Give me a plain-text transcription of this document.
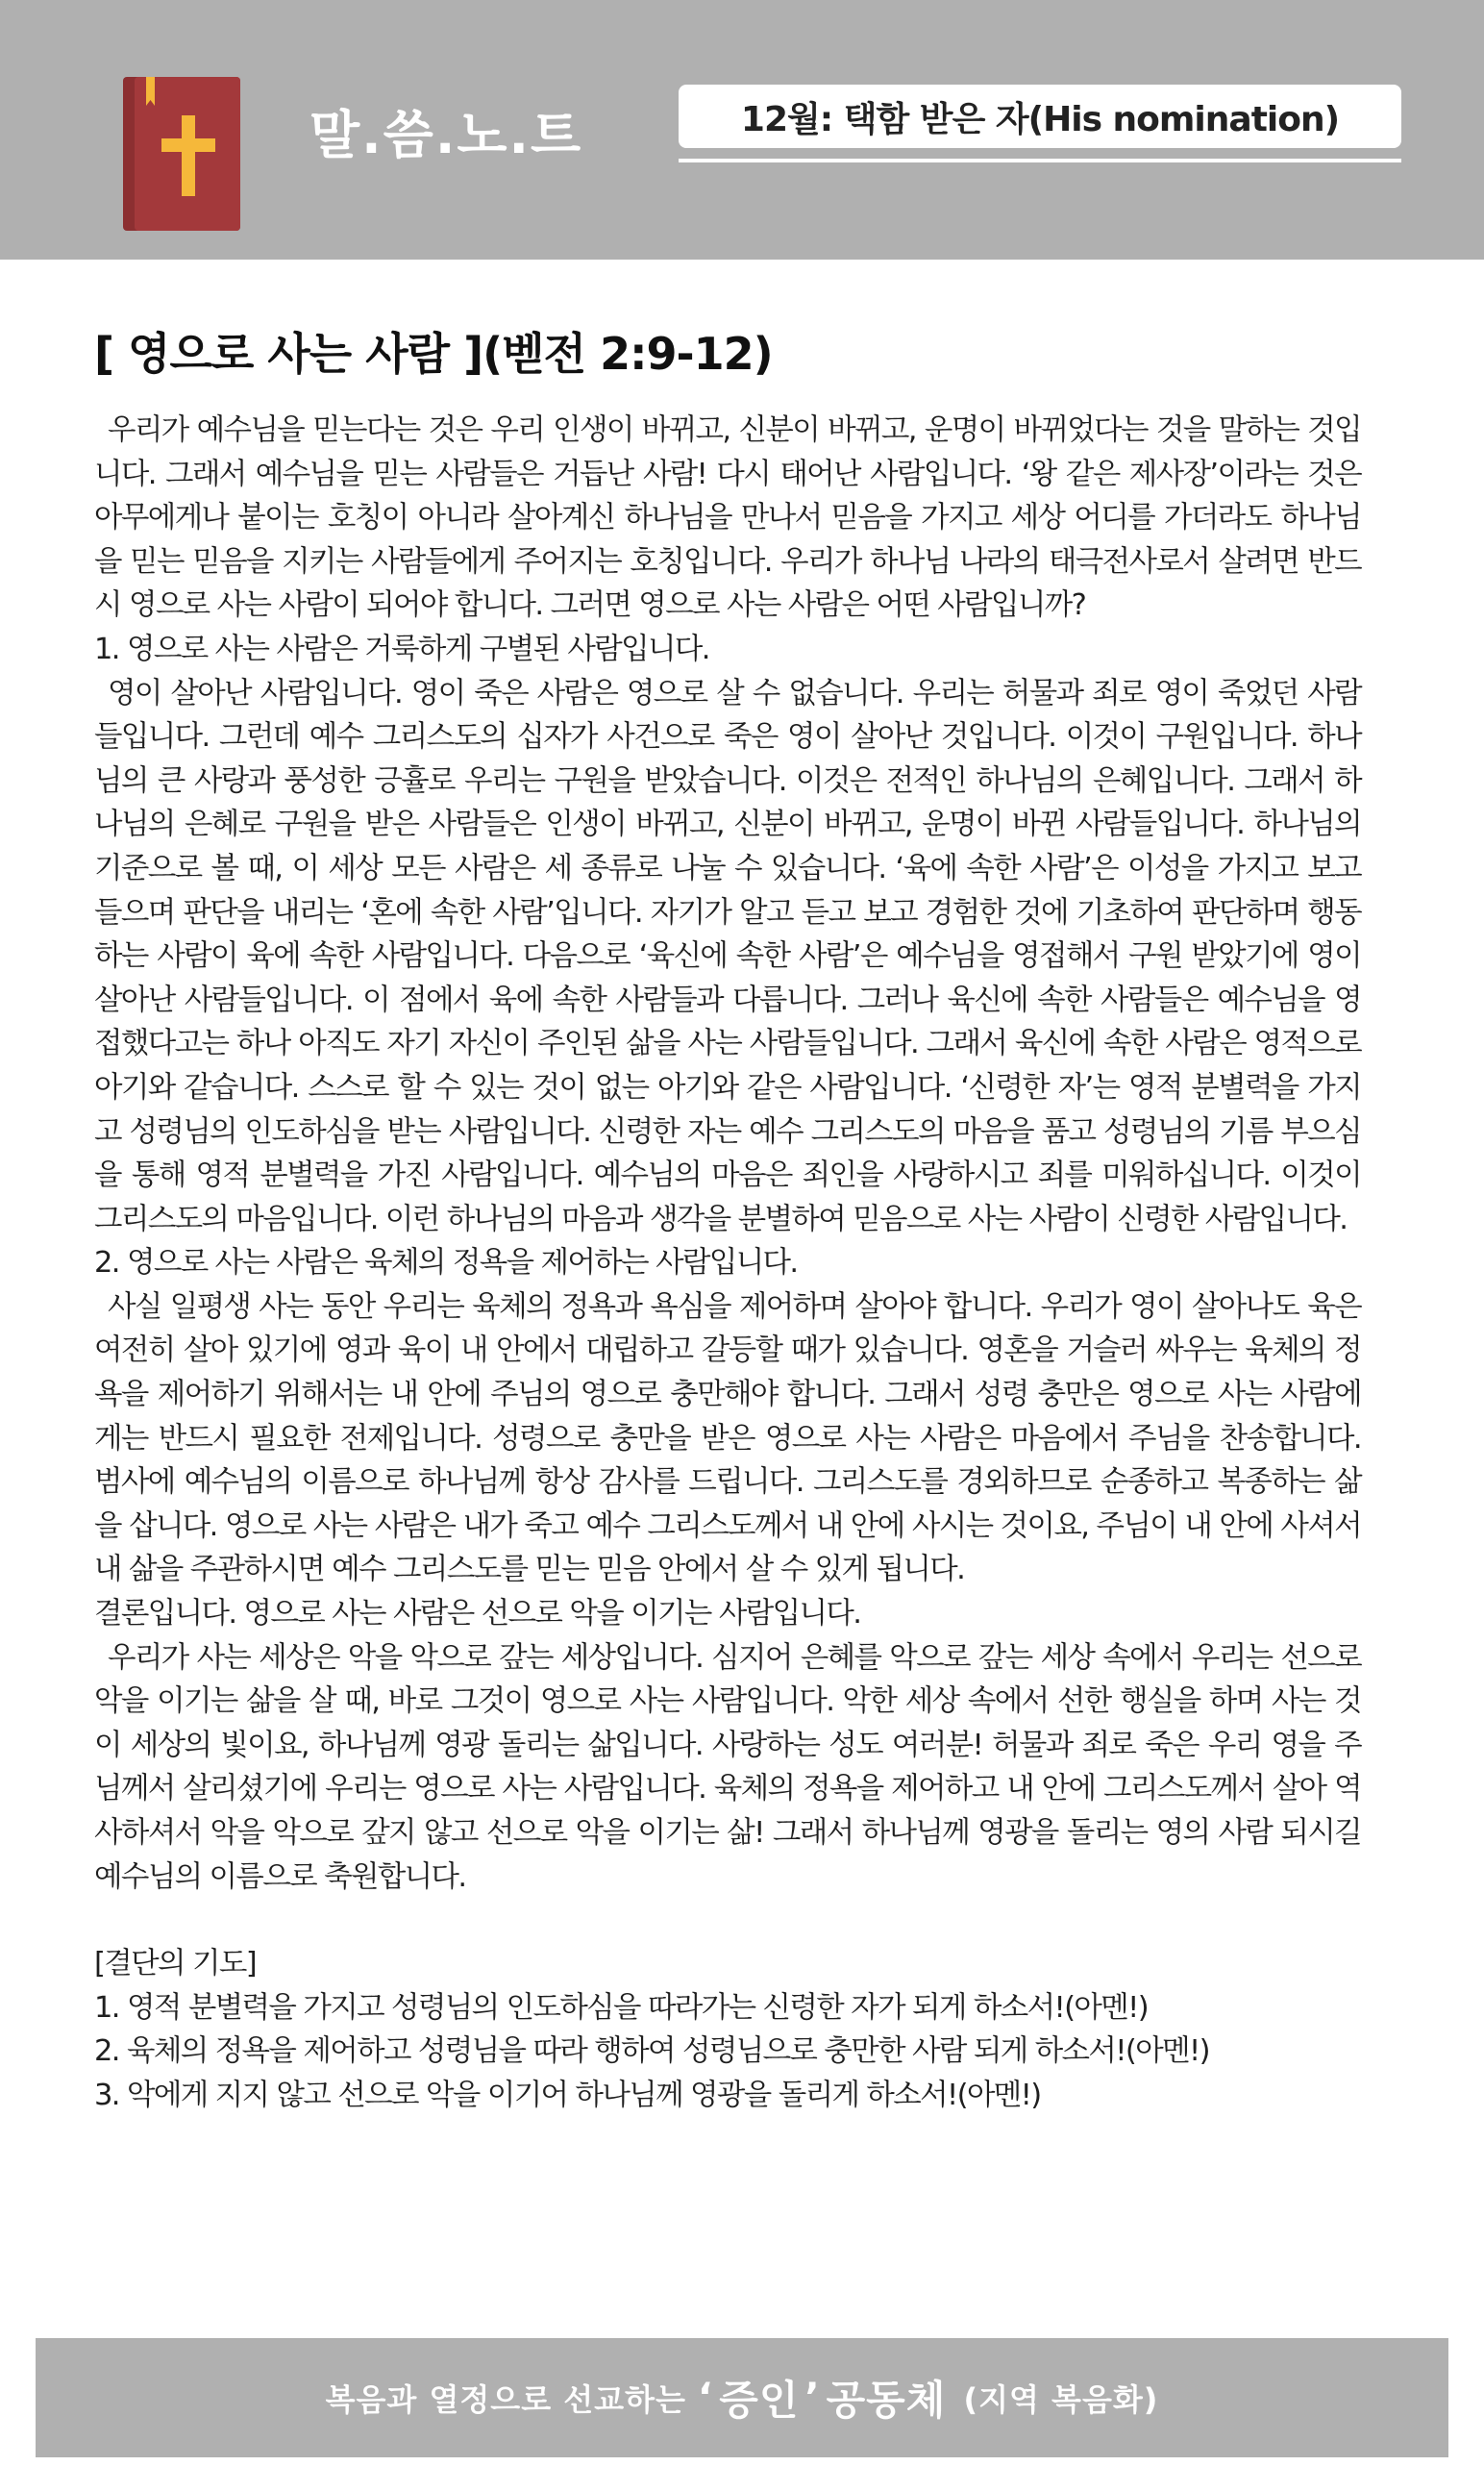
말.씀.노.트	12월: 택함 받은 자(His nomination)
[ 영으로 사는 사람 ](벧전 2:9-12)

우리가 예수님을 믿는다는 것은 우리 인생이 바뀌고, 신분이 바뀌고, 운명이 바뀌었다는 것을 말하는 것입니다. 그래서 예수님을 믿는 사람들은 거듭난 사람! 다시 태어난 사람입니다. ‘왕 같은 제사장’이라는 것은 아무에게나 붙이는 호칭이 아니라 살아계신 하나님을 만나서 믿음을 가지고 세상 어디를 가더라도 하나님을 믿는 믿음을 지키는 사람들에게 주어지는 호칭입니다. 우리가 하나님 나라의 태극전사로서 살려면 반드시 영으로 사는 사람이 되어야 합니다. 그러면 영으로 사는 사람은 어떤 사람입니까?

1. 영으로 사는 사람은 거룩하게 구별된 사람입니다.

영이 살아난 사람입니다. 영이 죽은 사람은 영으로 살 수 없습니다. 우리는 허물과 죄로 영이 죽었던 사람들입니다. 그런데 예수 그리스도의 십자가 사건으로 죽은 영이 살아난 것입니다. 이것이 구원입니다. 하나님의 큰 사랑과 풍성한 긍휼로 우리는 구원을 받았습니다. 이것은 전적인 하나님의 은혜입니다. 그래서 하나님의 은혜로 구원을 받은 사람들은 인생이 바뀌고, 신분이 바뀌고, 운명이 바뀐 사람들입니다. 하나님의 기준으로 볼 때, 이 세상 모든 사람은 세 종류로 나눌 수 있습니다. ‘육에 속한 사람’은 이성을 가지고 보고 들으며 판단을 내리는 ‘혼에 속한 사람’입니다. 자기가 알고 듣고 보고 경험한 것에 기초하여 판단하며 행동하는 사람이 육에 속한 사람입니다. 다음으로 ‘육신에 속한 사람’은 예수님을 영접해서 구원 받았기에 영이 살아난 사람들입니다. 이 점에서 육에 속한 사람들과 다릅니다. 그러나 육신에 속한 사람들은 예수님을 영접했다고는 하나 아직도 자기 자신이 주인된 삶을 사는 사람들입니다. 그래서 육신에 속한 사람은 영적으로 아기와 같습니다. 스스로 할 수 있는 것이 없는 아기와 같은 사람입니다. ‘신령한 자’는 영적 분별력을 가지고 성령님의 인도하심을 받는 사람입니다. 신령한 자는 예수 그리스도의 마음을 품고 성령님의 기름 부으심을 통해 영적 분별력을 가진 사람입니다. 예수님의 마음은 죄인을 사랑하시고 죄를 미워하십니다. 이것이 그리스도의 마음입니다. 이런 하나님의 마음과 생각을 분별하여 믿음으로 사는 사람이 신령한 사람입니다.

2. 영으로 사는 사람은 육체의 정욕을 제어하는 사람입니다.

사실 일평생 사는 동안 우리는 육체의 정욕과 욕심을 제어하며 살아야 합니다. 우리가 영이 살아나도 육은 여전히 살아 있기에 영과 육이 내 안에서 대립하고 갈등할 때가 있습니다. 영혼을 거슬러 싸우는 육체의 정욕을 제어하기 위해서는 내 안에 주님의 영으로 충만해야 합니다. 그래서 성령 충만은 영으로 사는 사람에게는 반드시 필요한 전제입니다. 성령으로 충만을 받은 영으로 사는 사람은 마음에서 주님을 찬송합니다. 범사에 예수님의 이름으로 하나님께 항상 감사를 드립니다. 그리스도를 경외하므로 순종하고 복종하는 삶을 삽니다. 영으로 사는 사람은 내가 죽고 예수 그리스도께서 내 안에 사시는 것이요, 주님이 내 안에 사셔서 내 삶을 주관하시면 예수 그리스도를 믿는 믿음 안에서 살 수 있게 됩니다.

결론입니다. 영으로 사는 사람은 선으로 악을 이기는 사람입니다.

우리가 사는 세상은 악을 악으로 갚는 세상입니다. 심지어 은혜를 악으로 갚는 세상 속에서 우리는 선으로 악을 이기는 삶을 살 때, 바로 그것이 영으로 사는 사람입니다. 악한 세상 속에서 선한 행실을 하며 사는 것이 세상의 빛이요, 하나님께 영광 돌리는 삶입니다. 사랑하는 성도 여러분! 허물과 죄로 죽은 우리 영을 주님께서 살리셨기에 우리는 영으로 사는 사람입니다. 육체의 정욕을 제어하고 내 안에 그리스도께서 살아 역사하셔서 악을 악으로 갚지 않고 선으로 악을 이기는 삶! 그래서 하나님께 영광을 돌리는 영의 사람 되시길 예수님의 이름으로 축원합니다.

[결단의 기도]

1. 영적 분별력을 가지고 성령님의 인도하심을 따라가는 신령한 자가 되게 하소서!(아멘!)

2. 육체의 정욕을 제어하고 성령님을 따라 행하여 성령님으로 충만한 사람 되게 하소서!(아멘!)

3. 악에게 지지 않고 선으로 악을 이기어 하나님께 영광을 돌리게 하소서!(아멘!)

복음과 열정으로 선교하는
‘ 증인 ’ 공동체
(지역 복음화)
